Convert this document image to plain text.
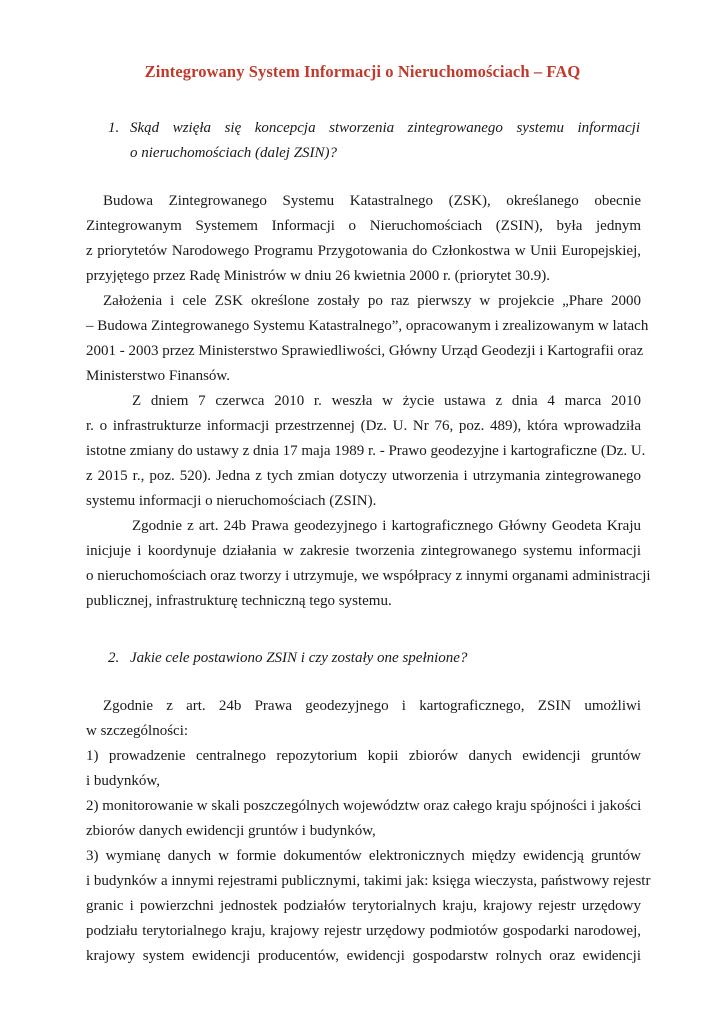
Zintegrowany System Informacji o Nieruchomościach – FAQ
1. Skąd wzięła się koncepcja stworzenia zintegrowanego systemu informacji
o nieruchomościach (dalej ZSIN)?
Budowa Zintegrowanego Systemu Katastralnego (ZSK), określanego obecnie
Zintegrowanym Systemem Informacji o Nieruchomościach (ZSIN), była jednym
z priorytetów Narodowego Programu Przygotowania do Członkostwa w Unii Europejskiej,
przyjętego przez Radę Ministrów w dniu 26 kwietnia 2000 r. (priorytet 30.9).
Założenia i cele ZSK określone zostały po raz pierwszy w projekcie „Phare 2000
– Budowa Zintegrowanego Systemu Katastralnego”, opracowanym i zrealizowanym w latach
2001 - 2003 przez Ministerstwo Sprawiedliwości, Główny Urząd Geodezji i Kartografii oraz
Ministerstwo Finansów.
Z dniem 7 czerwca 2010 r. weszła w życie ustawa z dnia 4 marca 2010
r. o infrastrukturze informacji przestrzennej (Dz. U. Nr 76, poz. 489), która wprowadziła
istotne zmiany do ustawy z dnia 17 maja 1989 r. - Prawo geodezyjne i kartograficzne (Dz. U.
z 2015 r., poz. 520). Jedna z tych zmian dotyczy utworzenia i utrzymania zintegrowanego
systemu informacji o nieruchomościach (ZSIN).
Zgodnie z art. 24b Prawa geodezyjnego i kartograficznego Główny Geodeta Kraju
inicjuje i koordynuje działania w zakresie tworzenia zintegrowanego systemu informacji
o nieruchomościach oraz tworzy i utrzymuje, we współpracy z innymi organami administracji
publicznej, infrastrukturę techniczną tego systemu.
2. Jakie cele postawiono ZSIN i czy zostały one spełnione?
Zgodnie z art. 24b Prawa geodezyjnego i kartograficznego, ZSIN umożliwi
w szczególności:
1) prowadzenie centralnego repozytorium kopii zbiorów danych ewidencji gruntów
i budynków,
2) monitorowanie w skali poszczególnych województw oraz całego kraju spójności i jakości
zbiorów danych ewidencji gruntów i budynków,
3) wymianę danych w formie dokumentów elektronicznych między ewidencją gruntów
i budynków a innymi rejestrami publicznymi, takimi jak: księga wieczysta, państwowy rejestr
granic i powierzchni jednostek podziałów terytorialnych kraju, krajowy rejestr urzędowy
podziału terytorialnego kraju, krajowy rejestr urzędowy podmiotów gospodarki narodowej,
krajowy system ewidencji producentów, ewidencji gospodarstw rolnych oraz ewidencji
